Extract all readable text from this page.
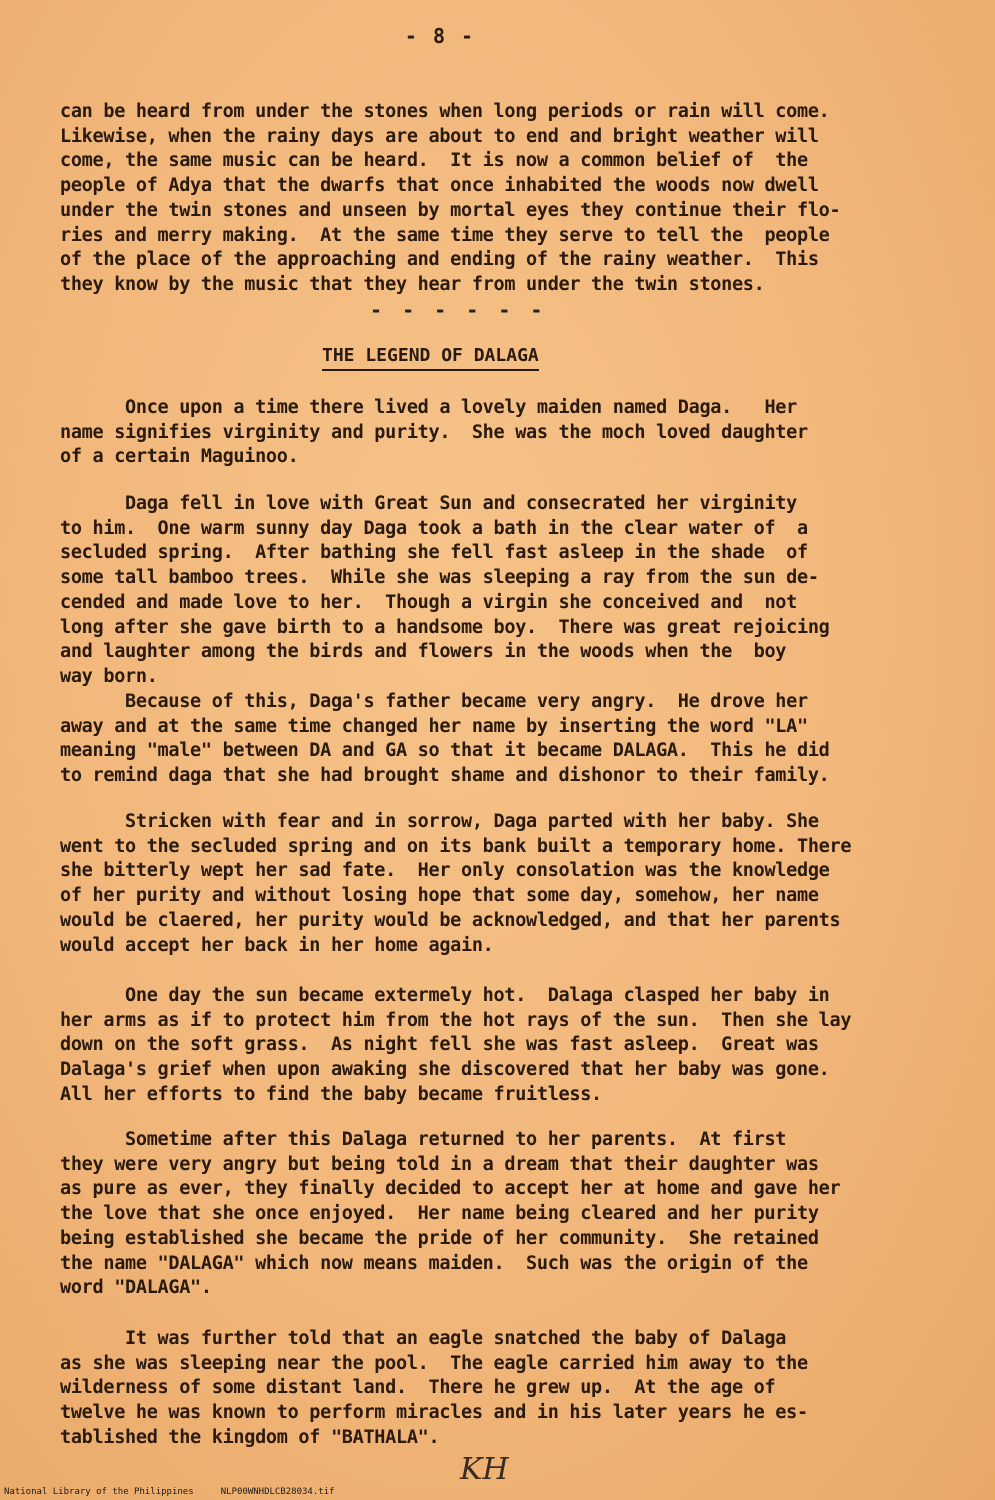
- 8 -

can be heard from under the stones when long periods or rain will come.
Likewise, when the rainy days are about to end and bright weather will
come, the same music can be heard.  It is now a common belief of  the
people of Adya that the dwarfs that once inhabited the woods now dwell
under the twin stones and unseen by mortal eyes they continue their flo-
ries and merry making.  At the same time they serve to tell the  people
of the place of the approaching and ending of the rainy weather.  This
they know by the music that they hear from under the twin stones.

- - - - - -
THE LEGEND OF DALAGA

Once upon a time there lived a lovely maiden named Daga.   Her
name signifies virginity and purity.  She was the moch loved daughter
of a certain Maguinoo.

Daga fell in love with Great Sun and consecrated her virginity
to him.  One warm sunny day Daga took a bath in the clear water of  a
secluded spring.  After bathing she fell fast asleep in the shade  of
some tall bamboo trees.  While she was sleeping a ray from the sun de-
cended and made love to her.  Though a virgin she conceived and  not
long after she gave birth to a handsome boy.  There was great rejoicing
and laughter among the birds and flowers in the woods when the  boy
way born.

Because of this, Daga's father became very angry.  He drove her
away and at the same time changed her name by inserting the word "LA"
meaning "male" between DA and GA so that it became DALAGA.  This he did
to remind daga that she had brought shame and dishonor to their family.

Stricken with fear and in sorrow, Daga parted with her baby. She
went to the secluded spring and on its bank built a temporary home. There
she bitterly wept her sad fate.  Her only consolation was the knowledge
of her purity and without losing hope that some day, somehow, her name
would be claered, her purity would be acknowledged, and that her parents
would accept her back in her home again.

One day the sun became extermely hot.  Dalaga clasped her baby in
her arms as if to protect him from the hot rays of the sun.  Then she lay
down on the soft grass.  As night fell she was fast asleep.  Great was
Dalaga's grief when upon awaking she discovered that her baby was gone.
All her efforts to find the baby became fruitless.

Sometime after this Dalaga returned to her parents.  At first
they were very angry but being told in a dream that their daughter was
as pure as ever, they finally decided to accept her at home and gave her
the love that she once enjoyed.  Her name being cleared and her purity
being established she became the pride of her community.  She retained
the name "DALAGA" which now means maiden.  Such was the origin of the
word "DALAGA".

It was further told that an eagle snatched the baby of Dalaga
as she was sleeping near the pool.  The eagle carried him away to the
wilderness of some distant land.  There he grew up.  At the age of
twelve he was known to perform miracles and in his later years he es-
tablished the kingdom of "BATHALA".

KH
National Library of the Philippines     NLP00WNHDLCB28034.tif
